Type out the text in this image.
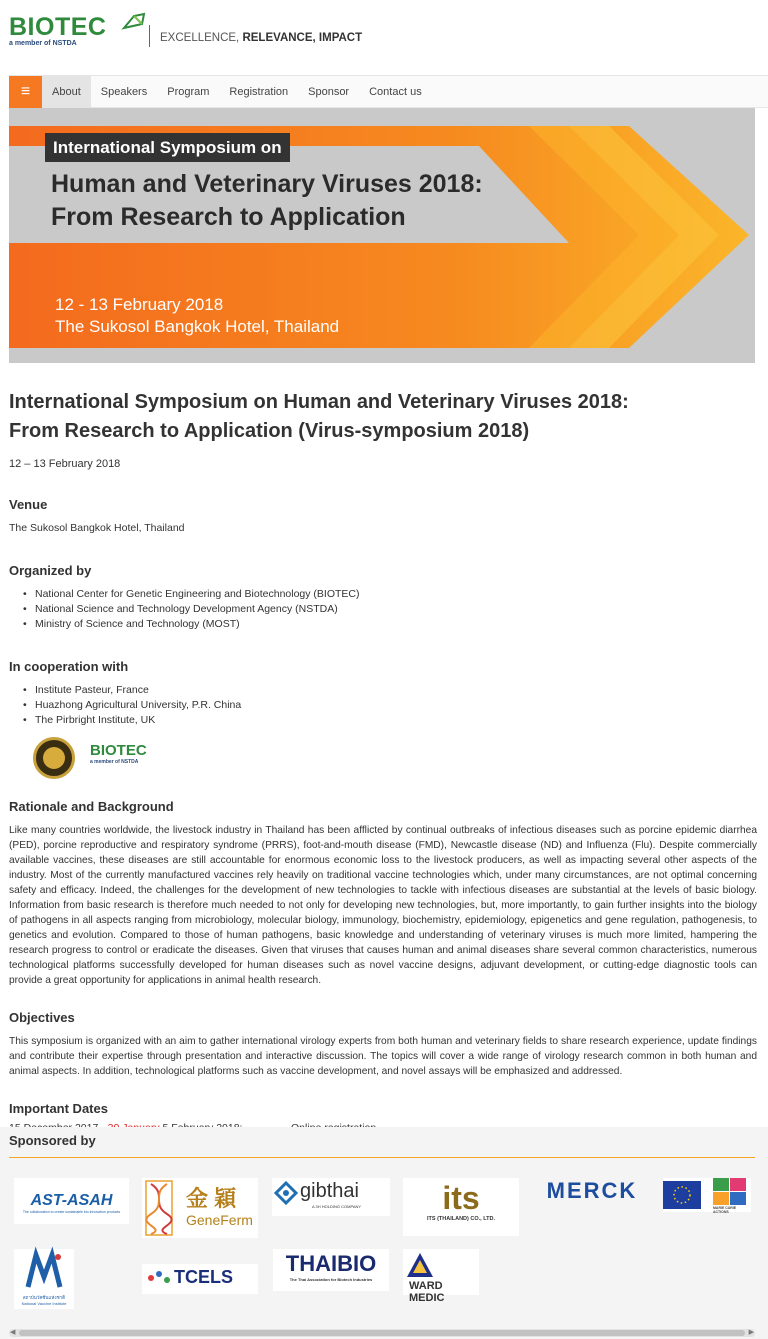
BIOTEC
a member of NSTDA	EXCELLENCE, RELEVANCE, IMPACT
≡	About	Speakers	Program	Registration	Sponsor	Contact us
International Symposium on
Human and Veterinary Viruses 2018:
From Research to Application
12 - 13 February 2018
The Sukosol Bangkok Hotel, Thailand
International Symposium on Human and Veterinary Viruses 2018:
From Research to Application (Virus-symposium 2018)
12 – 13 February 2018
Venue
The Sukosol Bangkok Hotel, Thailand
Organized by
• National Center for Genetic Engineering and Biotechnology (BIOTEC)
• National Science and Technology Development Agency (NSTDA)
• Ministry of Science and Technology (MOST)
In cooperation with
• Institute Pasteur, France
• Huazhong Agricultural University, P.R. China
• The Pirbright Institute, UK
BIOTEC
a member of NSTDA
Rationale and Background
Like many countries worldwide, the livestock industry in Thailand has been afflicted by continual outbreaks of infectious diseases such as porcine epidemic diarrhea (PED), porcine reproductive and respiratory syndrome (PRRS), foot-and-mouth disease (FMD), Newcastle disease (ND) and Influenza (Flu). Despite commercially available vaccines, these diseases are still accountable for enormous economic loss to the livestock producers, as well as impacting several other aspects of the industry. Most of the currently manufactured vaccines rely heavily on traditional vaccine technologies which, under many circumstances, are not optimal concerning safety and efficacy. Indeed, the challenges for the development of new technologies to tackle with infectious diseases are substantial at the levels of basic biology. Information from basic research is therefore much needed to not only for developing new technologies, but, more importantly, to gain further insights into the biology of pathogens in all aspects ranging from microbiology, molecular biology, immunology, biochemistry, epidemiology, epigenetics and gene regulation, pathogenesis, to genetics and evolution. Compared to those of human pathogens, basic knowledge and understanding of veterinary viruses is much more limited, hampering the research progress to control or eradicate the diseases. Given that viruses that causes human and animal diseases share several common characteristics, numerous technological platforms successfully developed for human diseases such as novel vaccine designs, adjuvant development, or cutting-edge diagnostic tools can provide a great opportunity for applications in animal health research.
Objectives
This symposium is organized with an aim to gather international virology experts from both human and veterinary fields to share research experience, update findings and contribute their expertise through presentation and interactive discussion. The topics will cover a wide range of virology research common in both human and animal aspects. In addition, technological platforms such as vaccine development, and novel assays will be emphasized and addressed.
Important Dates
Sponsored by
AST-ASAH
The collaboration to create sustainable bio-innovation products
金 穎
GeneFerm
gibthai
A 3H HOLDING COMPANY	its
ITS (THAILAND) CO., LTD.
MERCK
MARIE CURIE ACTIONS
สถาบันวัคซีนแห่งชาติ
National Vaccine Institute
TCELS
THAIBIO
The Thai Association for Biotech Industries
WARD MEDIC
◀	▶
